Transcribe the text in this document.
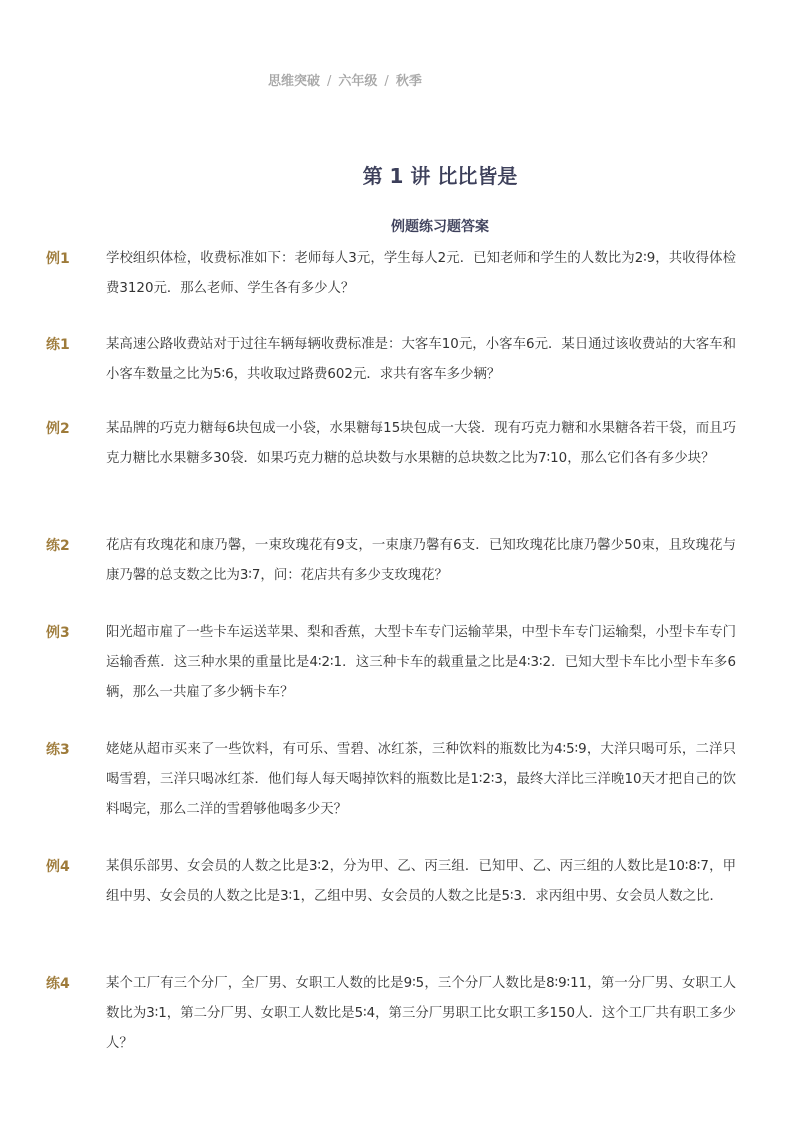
思维突破 / 六年级 / 秋季
第 1 讲 比比皆是
例题练习题答案
例1	学校组织体检，收费标准如下：老师每人3元，学生每人2元．已知老师和学生的人数比为2∶9，共收得体检费3120元．那么老师、学生各有多少人？
练1	某高速公路收费站对于过往车辆每辆收费标准是：大客车10元，小客车6元．某日通过该收费站的大客车和小客车数量之比为5∶6，共收取过路费602元．求共有客车多少辆？
例2	某品牌的巧克力糖每6块包成一小袋，水果糖每15块包成一大袋．现有巧克力糖和水果糖各若干袋，而且巧克力糖比水果糖多30袋．如果巧克力糖的总块数与水果糖的总块数之比为7∶10，那么它们各有多少块？
练2	花店有玫瑰花和康乃馨，一束玫瑰花有9支，一束康乃馨有6支．已知玫瑰花比康乃馨少50束，且玫瑰花与康乃馨的总支数之比为3∶7，问：花店共有多少支玫瑰花？
例3	阳光超市雇了一些卡车运送苹果、梨和香蕉，大型卡车专门运输苹果，中型卡车专门运输梨，小型卡车专门运输香蕉．这三种水果的重量比是4∶2∶1．这三种卡车的载重量之比是4∶3∶2．已知大型卡车比小型卡车多6辆，那么一共雇了多少辆卡车？
练3	姥姥从超市买来了一些饮料，有可乐、雪碧、冰红茶，三种饮料的瓶数比为4∶5∶9，大洋只喝可乐，二洋只喝雪碧，三洋只喝冰红茶．他们每人每天喝掉饮料的瓶数比是1∶2∶3，最终大洋比三洋晚10天才把自己的饮料喝完，那么二洋的雪碧够他喝多少天？
例4	某俱乐部男、女会员的人数之比是3∶2，分为甲、乙、丙三组．已知甲、乙、丙三组的人数比是10∶8∶7，甲组中男、女会员的人数之比是3∶1，乙组中男、女会员的人数之比是5∶3．求丙组中男、女会员人数之比．
练4	某个工厂有三个分厂，全厂男、女职工人数的比是9∶5，三个分厂人数比是8∶9∶11，第一分厂男、女职工人数比为3∶1，第二分厂男、女职工人数比是5∶4，第三分厂男职工比女职工多150人．这个工厂共有职工多少人？
